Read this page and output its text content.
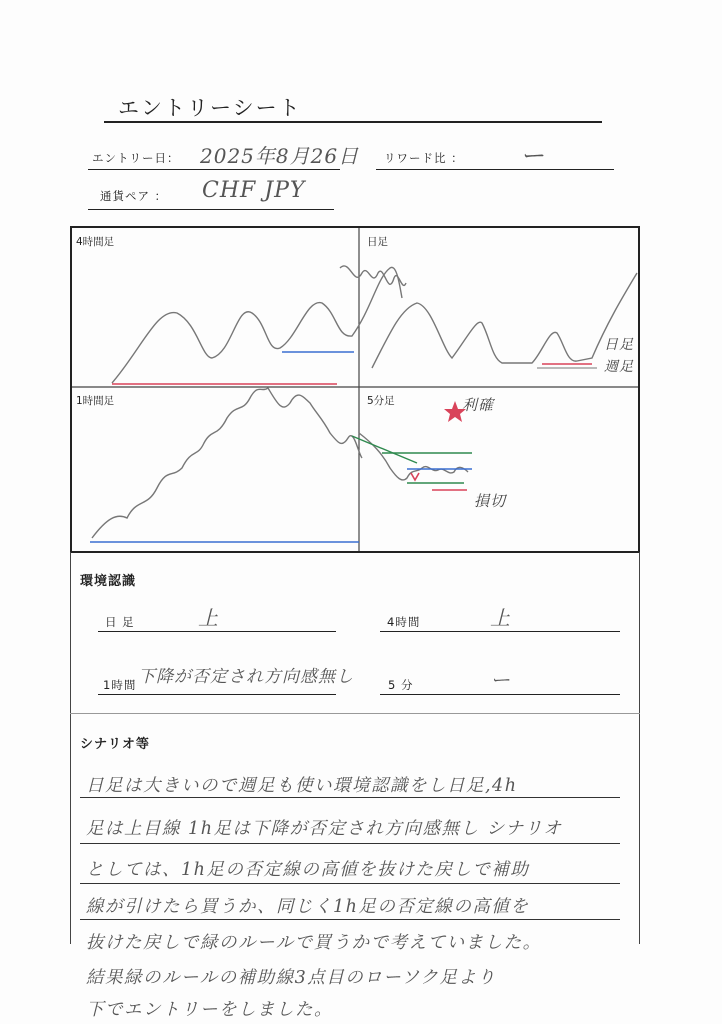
エントリーシート
エントリー日： 2025年8月26日 リワード比 ： ー
通貨ペア ： CHF JPY
4時間足	日足
1時間足	5分足
日足
週足
利確
損切
環境認識
日 足	上	4時間	上
1時間 下降が否定され方向感無し	5 分	ー
シナリオ等
日足は大きいので週足も使い環境認識をし日足,4h
足は上目線 1h足は下降が否定され方向感無し シナリオ
としては、1h足の否定線の高値を抜けた戻しで補助
線が引けたら買うか、同じく1h足の否定線の高値を
抜けた戻しで緑のルールで買うかで考えていました。
結果緑のルールの補助線3点目のローソク足より
下でエントリーをしました。
